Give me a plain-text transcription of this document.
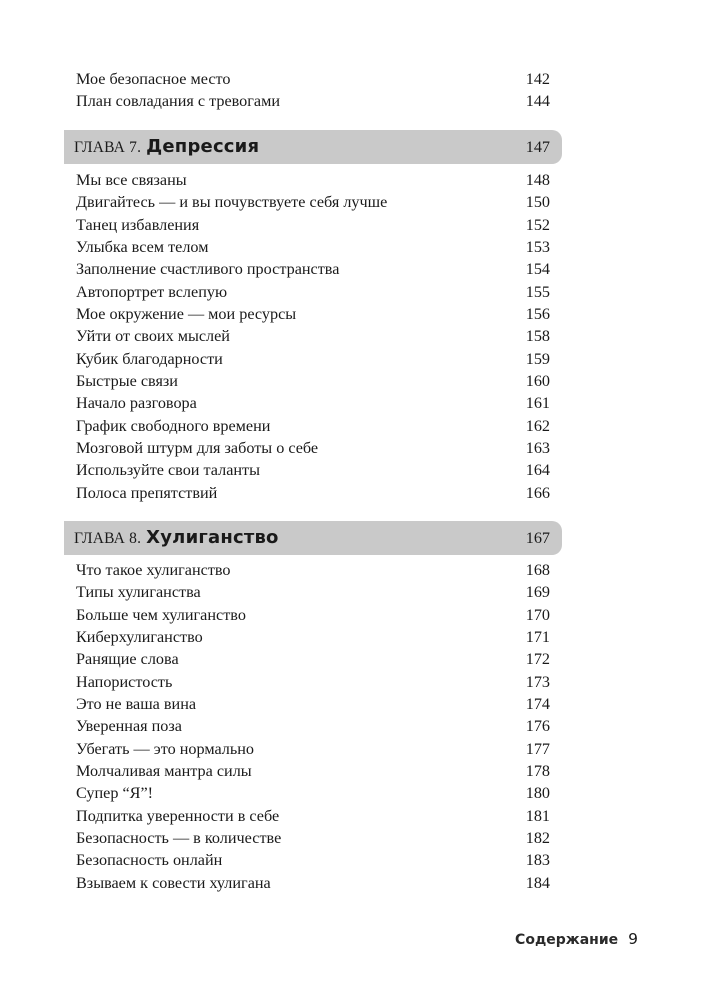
Мое безопасное место	142
План совладания с тревогами	144
ГЛАВА 7. Депрессия	147
Мы все связаны	148
Двигайтесь — и вы почувствуете себя лучше	150
Танец избавления	152
Улыбка всем телом	153
Заполнение счастливого пространства	154
Автопортрет вслепую	155
Мое окружение — мои ресурсы	156
Уйти от своих мыслей	158
Кубик благодарности	159
Быстрые связи	160
Начало разговора	161
График свободного времени	162
Мозговой штурм для заботы о себе	163
Используйте свои таланты	164
Полоса препятствий	166
ГЛАВА 8. Хулиганство	167
Что такое хулиганство	168
Типы хулиганства	169
Больше чем хулиганство	170
Киберхулиганство	171
Ранящие слова	172
Напористость	173
Это не ваша вина	174
Уверенная поза	176
Убегать — это нормально	177
Молчаливая мантра силы	178
Супер “Я”!	180
Подпитка уверенности в себе	181
Безопасность — в количестве	182
Безопасность онлайн	183
Взываем к совести хулигана	184
Содержание 9
